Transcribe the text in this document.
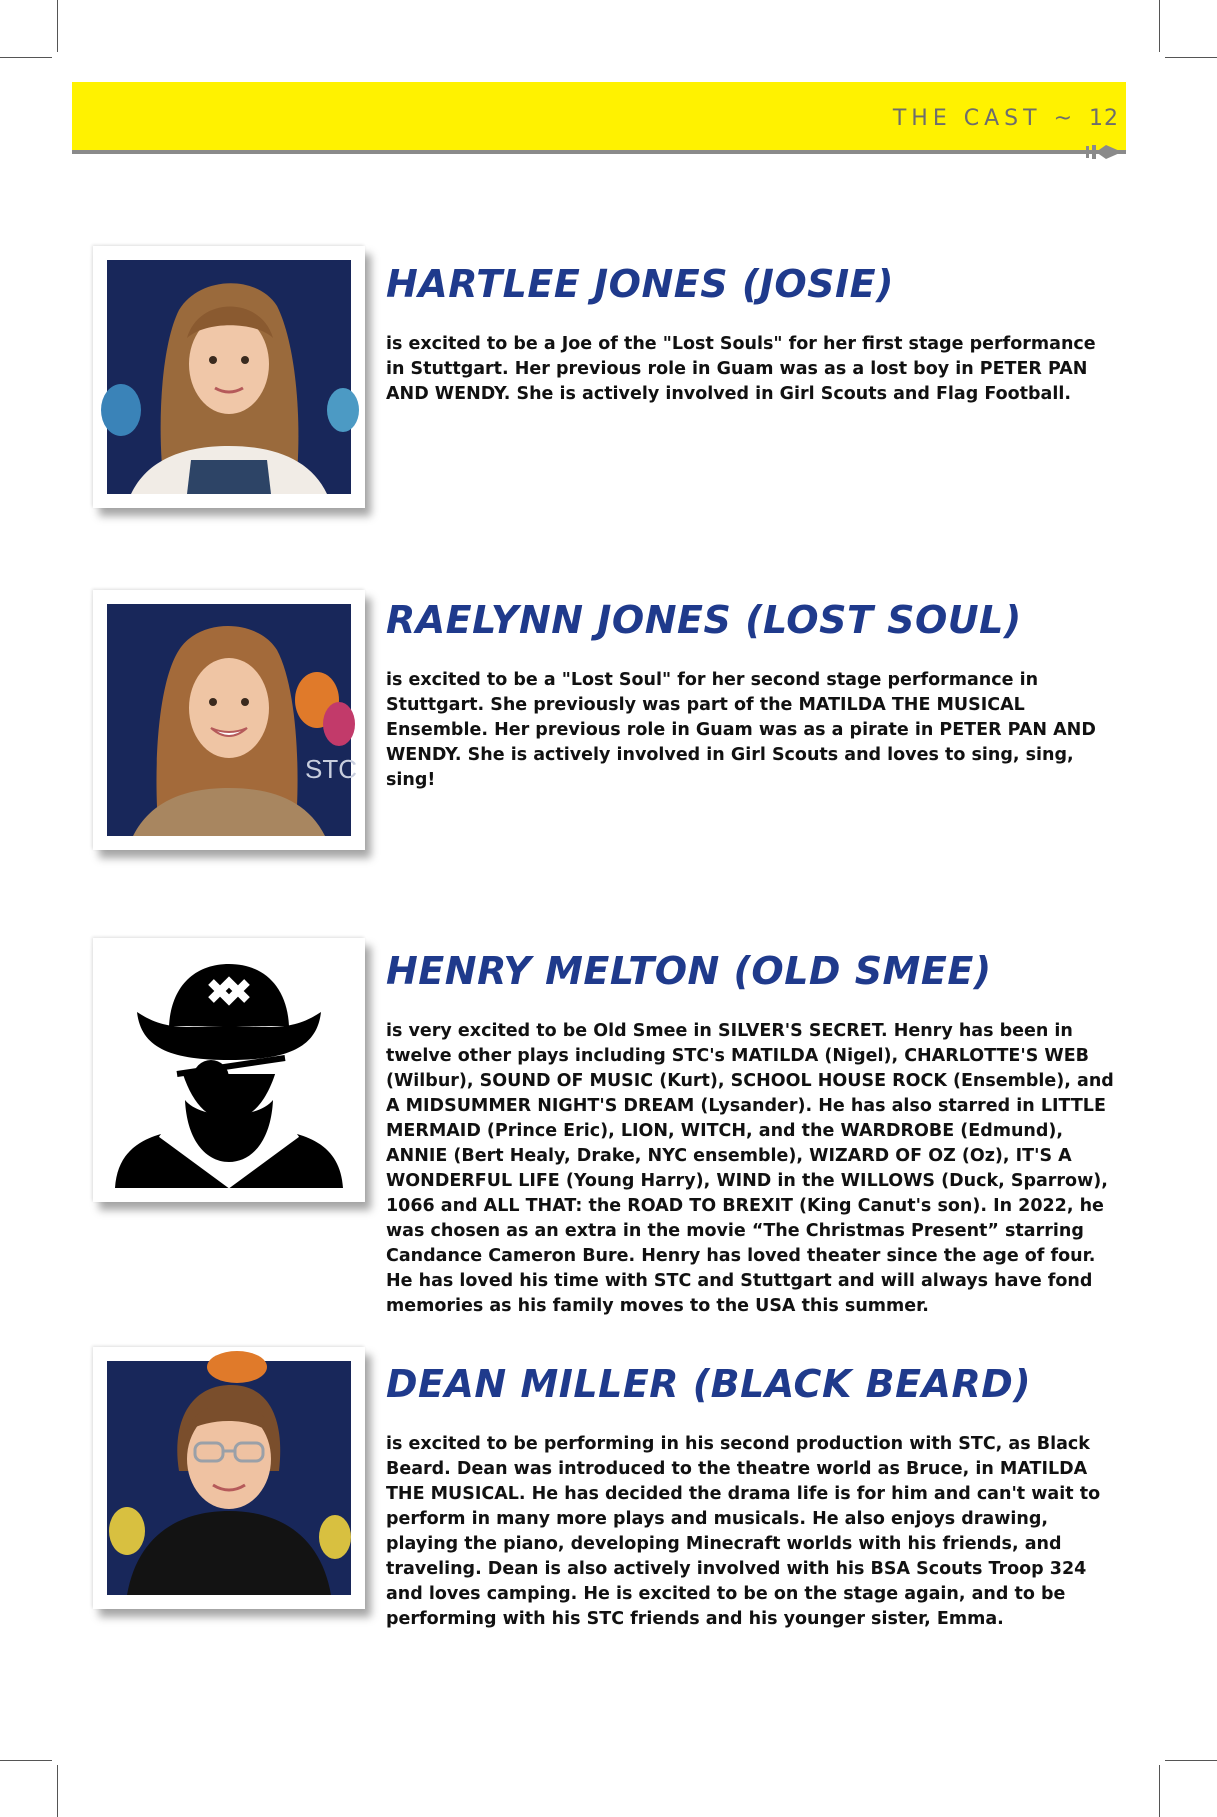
THE CAST ~ 12
HARTLEE JONES (JOSIE)
is excited to be a Joe of the "Lost Souls" for her first stage performance in Stuttgart. Her previous role in Guam was as a lost boy in PETER PAN AND WENDY. She is actively involved in Girl Scouts and Flag Football.
STC
RAELYNN JONES (LOST SOUL)
is excited to be a "Lost Soul" for her second stage performance in Stuttgart. She previously was part of the MATILDA THE MUSICAL Ensemble. Her previous role in Guam was as a pirate in PETER PAN AND WENDY. She is actively involved in Girl Scouts and loves to sing, sing, sing!
HENRY MELTON (OLD SMEE)
is very excited to be Old Smee in SILVER'S SECRET. Henry has been in twelve other plays including STC's MATILDA (Nigel), CHARLOTTE'S WEB (Wilbur), SOUND OF MUSIC (Kurt), SCHOOL HOUSE ROCK (Ensemble), and A MIDSUMMER NIGHT'S DREAM (Lysander). He has also starred in LITTLE MERMAID (Prince Eric), LION, WITCH, and the WARDROBE (Edmund), ANNIE (Bert Healy, Drake, NYC ensemble), WIZARD OF OZ (Oz), IT'S A WONDERFUL LIFE (Young Harry), WIND in the WILLOWS (Duck, Sparrow), 1066 and ALL THAT: the ROAD TO BREXIT (King Canut's son). In 2022, he was chosen as an extra in the movie “The Christmas Present” starring Candance Cameron Bure. Henry has loved theater since the age of four. He has loved his time with STC and Stuttgart and will always have fond memories as his family moves to the USA this summer.
DEAN MILLER (BLACK BEARD)
is excited to be performing in his second production with STC, as Black Beard. Dean was introduced to the theatre world as Bruce, in MATILDA THE MUSICAL. He has decided the drama life is for him and can't wait to perform in many more plays and musicals. He also enjoys drawing, playing the piano, developing Minecraft worlds with his friends, and traveling. Dean is also actively involved with his BSA Scouts Troop 324 and loves camping. He is excited to be on the stage again, and to be performing with his STC friends and his younger sister, Emma.
